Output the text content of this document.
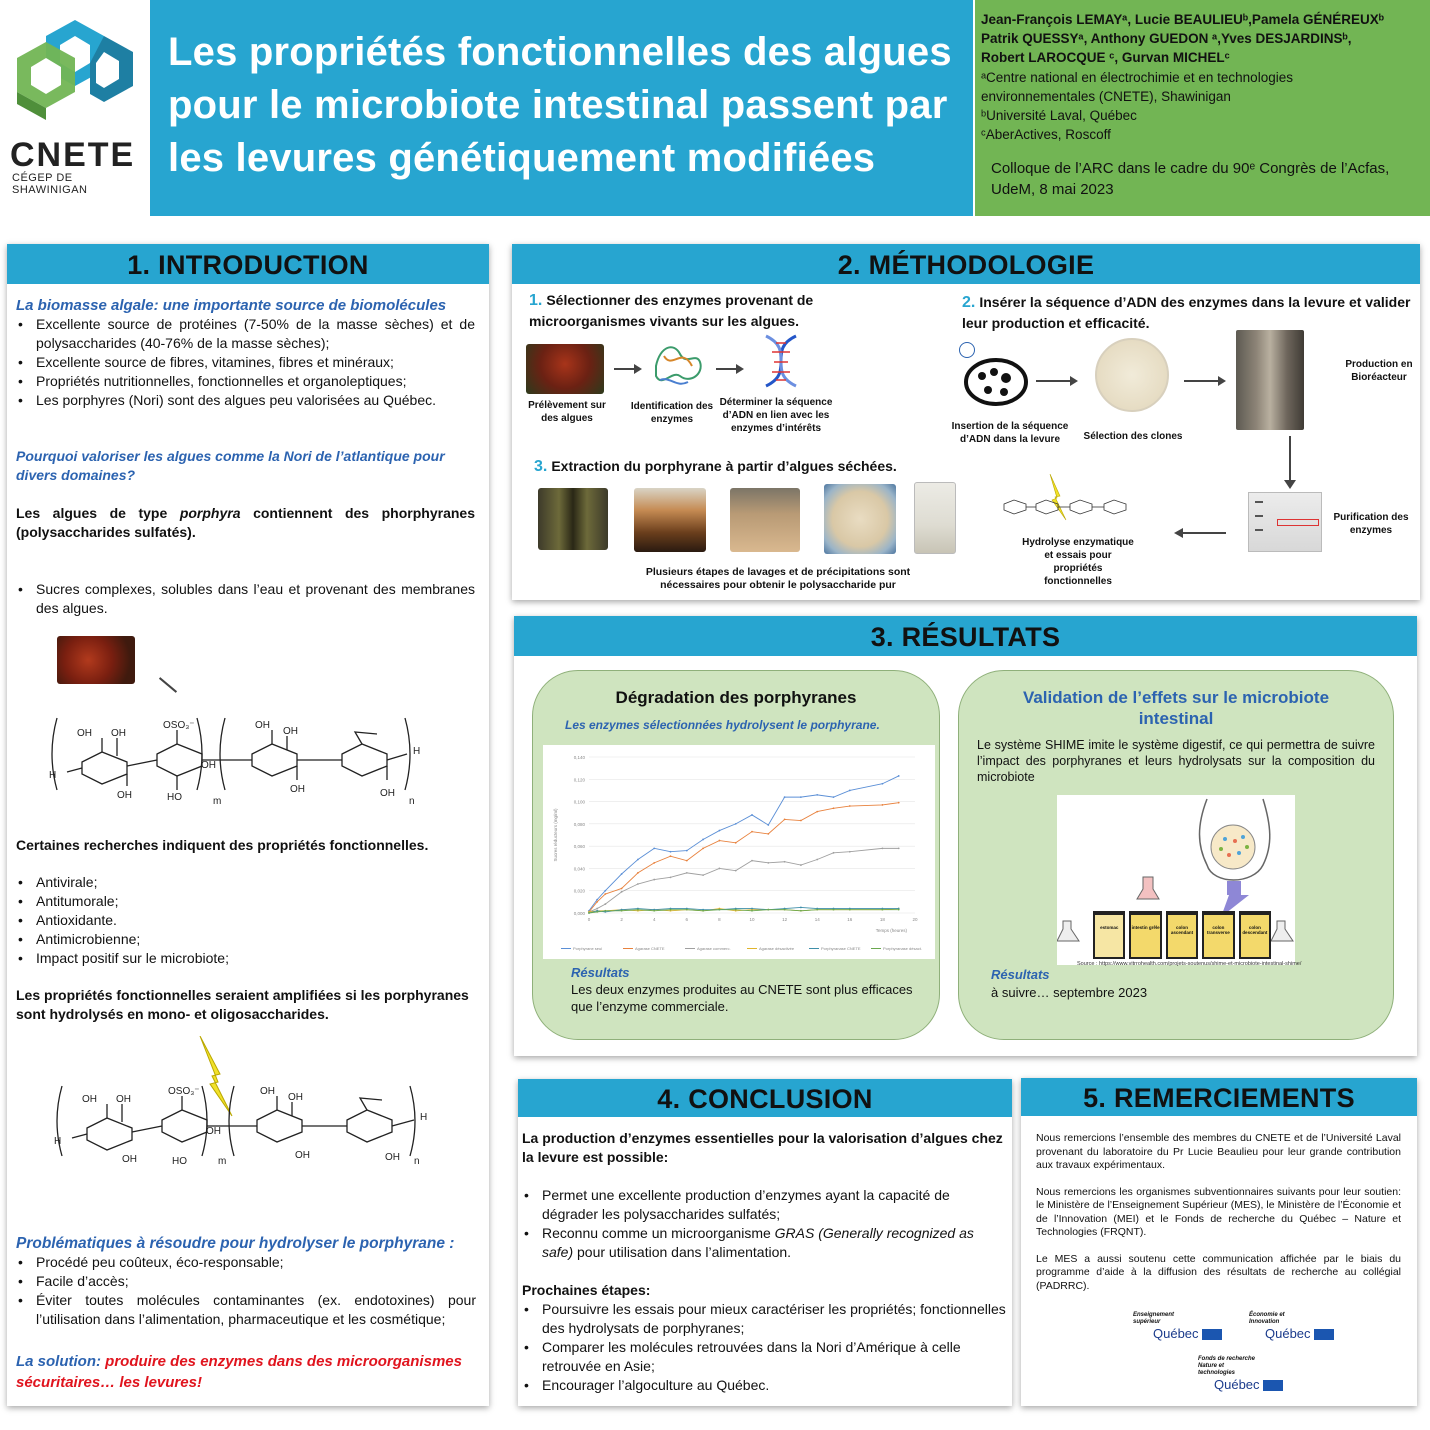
CNETE
CÉGEP DE SHAWINIGAN
Les propriétés fonctionnelles des algues pour le microbiote intestinal passent par les levures génétiquement modifiées
Jean-François LEMAYᵃ, Lucie BEAULIEUᵇ,Pamela GÉNÉREUXᵇ
Patrik QUESSYᵃ, Anthony GUEDON ᵃ,Yves DESJARDINSᵇ,
Robert LAROCQUE ᶜ, Gurvan MICHELᶜ
ᵃCentre national en électrochimie et en technologies
environnementales (CNETE), Shawinigan
ᵇUniversité Laval, Québec
ᶜAberActives, Roscoff
Colloque de l’ARC dans le cadre du 90ᵉ Congrès de l’Acfas, UdeM, 8 mai 2023
1. INTRODUCTION
La biomasse algale: une importante source de biomolécules
• Excellente source de protéines (7-50% de la masse sèches) et de polysaccharides (40-76% de la masse sèches);
• Excellente source de fibres, vitamines, fibres et minéraux;
• Propriétés nutritionnelles, fonctionnelles et organoleptiques;
• Les porphyres (Nori) sont des algues peu valorisées au Québec.
Pourquoi valoriser les algues comme la Nori de l’atlantique pour divers domaines?
Les algues de type porphyra contiennent des phorphyranes (polysaccharides sulfatés).
• Sucres complexes, solubles dans l’eau et provenant des membranes des algues.
OH OH
OSO₃⁻
OH
OH
OH
H
OH	HO
OH	OH
H
m	n
Certaines recherches indiquent des propriétés fonctionnelles.
• Antivirale;
• Antitumorale;
• Antioxidante.
• Antimicrobienne;
• Impact positif sur le microbiote;
Les propriétés fonctionnelles seraient amplifiées si les porphyranes sont hydrolysés en mono- et oligosaccharides.
OH OH
OSO₃⁻
OH
OH
OH
H
OH	HO
OH	OH
H
m	n
Problématiques à résoudre pour hydrolyser le porphyrane :
• Procédé peu coûteux, éco-responsable;
• Facile d’accès;
• Éviter toutes molécules contaminantes (ex. endotoxines) pour l’utilisation dans l’alimentation, pharmaceutique et les cosmétique;
La solution: produire des enzymes dans des microorganismes sécuritaires… les levures!
2. MÉTHODOLOGIE
1. Sélectionner des enzymes provenant de microorganismes vivants sur les algues.
2. Insérer la séquence d’ADN des enzymes dans la levure et valider leur production et efficacité.
Prélèvement sur des algues
Identification des enzymes
Déterminer la séquence d’ADN en lien avec les enzymes d’intérêts	Insertion de la séquence d’ADN dans la levure	Sélection des clones
Production en Bioréacteur
Purification des enzymes
Hydrolyse enzymatique et essais pour propriétés fonctionnelles
3. Extraction du porphyrane à partir d’algues séchées.
Plusieurs étapes de lavages et de précipitations sont nécessaires pour obtenir le polysaccharide pur
3. RÉSULTATS
Dégradation des porphyranes
Les enzymes sélectionnées hydrolysent le porphyrane.
0,000
0,020
0,040
0,060
0,080
0,100
0,120
0,140
0	2	4	6	8	10	12	14	16	18	20
Temps (heures)
Sucres réducteurs (mg/ml)
Porphyrane seul	Agarase CNETE	Agarase commerc.	Agarase désactivée	Porphyranase CNETE	Porphyranase désact.
Résultats
Les deux enzymes produites au CNETE sont plus efficaces que l’enzyme commerciale.
Validation de l’effets sur le microbiote intestinal
Le système SHIME imite le système digestif, ce qui permettra de suivre l’impact des porphyranes et leurs hydrolysats sur la composition du microbiote
estomac	intestin grêle	colon ascendant
colon transverse
colon descendant
Source : https://www.vitrrohealth.com/projets-soutenus/shime-et-microbiote-intestinal-shime/
Résultats
à suivre… septembre 2023
4. CONCLUSION
La production d’enzymes essentielles pour la valorisation d’algues chez la levure est possible:
• Permet une excellente production d’enzymes ayant la capacité de dégrader les polysaccharides sulfatés;
• Reconnu comme un microorganisme GRAS (Generally recognized as safe) pour utilisation dans l’alimentation.
Prochaines étapes:
• Poursuivre les essais pour mieux caractériser les propriétés; fonctionnelles des hydrolysats de porphyranes;
• Comparer les molécules retrouvées dans la Nori d’Amérique à celle retrouvée en Asie;
• Encourager l’algoculture au Québec.
5. REMERCIEMENTS
Nous remercions l’ensemble des membres du CNETE et de l’Université Laval provenant du laboratoire du Pr Lucie Beaulieu pour leur grande contribution aux travaux expérimentaux.
Nous remercions les organismes subventionnaires suivants pour leur soutien: le Ministère de l’Enseignement Supérieur (MES), le Ministère de l’Économie et de l’Innovation (MEI) et le Fonds de recherche du Québec – Nature et Technologies (FRQNT).
Le MES a aussi soutenu cette communication affichée par le biais du programme d’aide à la diffusion des résultats de recherche au collégial (PADRRC).
Enseignement supérieur
Québec
Économie et Innovation
Québec
Fonds de recherche Nature et technologies
Québec
